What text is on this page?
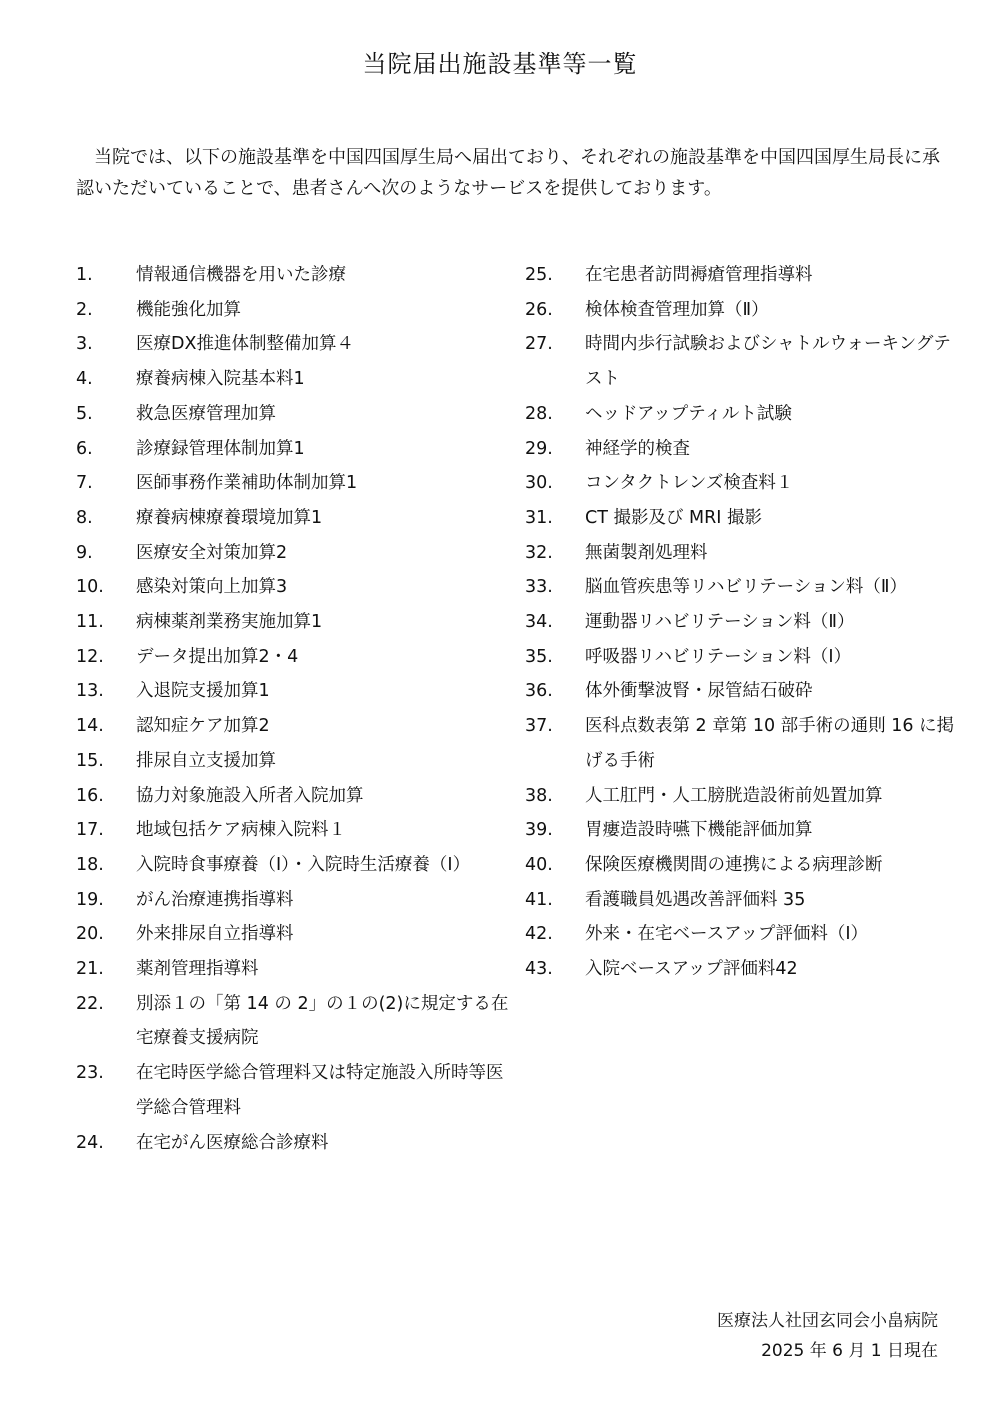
当院届出施設基準等一覧
　当院では、以下の施設基準を中国四国厚生局へ届出ており、それぞれの施設基準を中国四国厚生局長に承認いただいていることで、患者さんへ次のようなサービスを提供しております。
1.	情報通信機器を用いた診療
2.	機能強化加算
3.	医療DX推進体制整備加算４
4.	療養病棟入院基本料1
5.	救急医療管理加算
6.	診療録管理体制加算1
7.	医師事務作業補助体制加算1
8.	療養病棟療養環境加算1
9.	医療安全対策加算2
10.	感染対策向上加算3
11.	病棟薬剤業務実施加算1
12.	データ提出加算2・4
13.	入退院支援加算1
14.	認知症ケア加算2
15.	排尿自立支援加算
16.	協力対象施設入所者入院加算
17.	地域包括ケア病棟入院料１
18.	入院時食事療養（Ⅰ）・入院時生活療養（Ⅰ）
19.	がん治療連携指導料
20.	外来排尿自立指導料
21.	薬剤管理指導料
22.	別添１の「第 14 の 2」の１の(2)に規定する在宅療養支援病院
23.	在宅時医学総合管理料又は特定施設入所時等医学総合管理料
24.	在宅がん医療総合診療料
25.	在宅患者訪問褥瘡管理指導料
26.	検体検査管理加算（Ⅱ）
27.	時間内歩行試験およびシャトルウォーキングテスト
28.	ヘッドアップティルト試験
29.	神経学的検査
30.	コンタクトレンズ検査料１
31.	CT 撮影及び MRI 撮影
32.	無菌製剤処理料
33.	脳血管疾患等リハビリテーション料（Ⅱ）
34.	運動器リハビリテーション料（Ⅱ）
35.	呼吸器リハビリテーション料（Ⅰ）
36.	体外衝撃波腎・尿管結石破砕
37.	医科点数表第 2 章第 10 部手術の通則 16 に掲げる手術
38.	人工肛門・人工膀胱造設術前処置加算
39.	胃瘻造設時嚥下機能評価加算
40.	保険医療機関間の連携による病理診断
41.	看護職員処遇改善評価料 35
42.	外来・在宅ベースアップ評価料（Ⅰ）
43.	入院ベースアップ評価料42
医療法人社団玄同会小畠病院
2025 年 6 月 1 日現在
